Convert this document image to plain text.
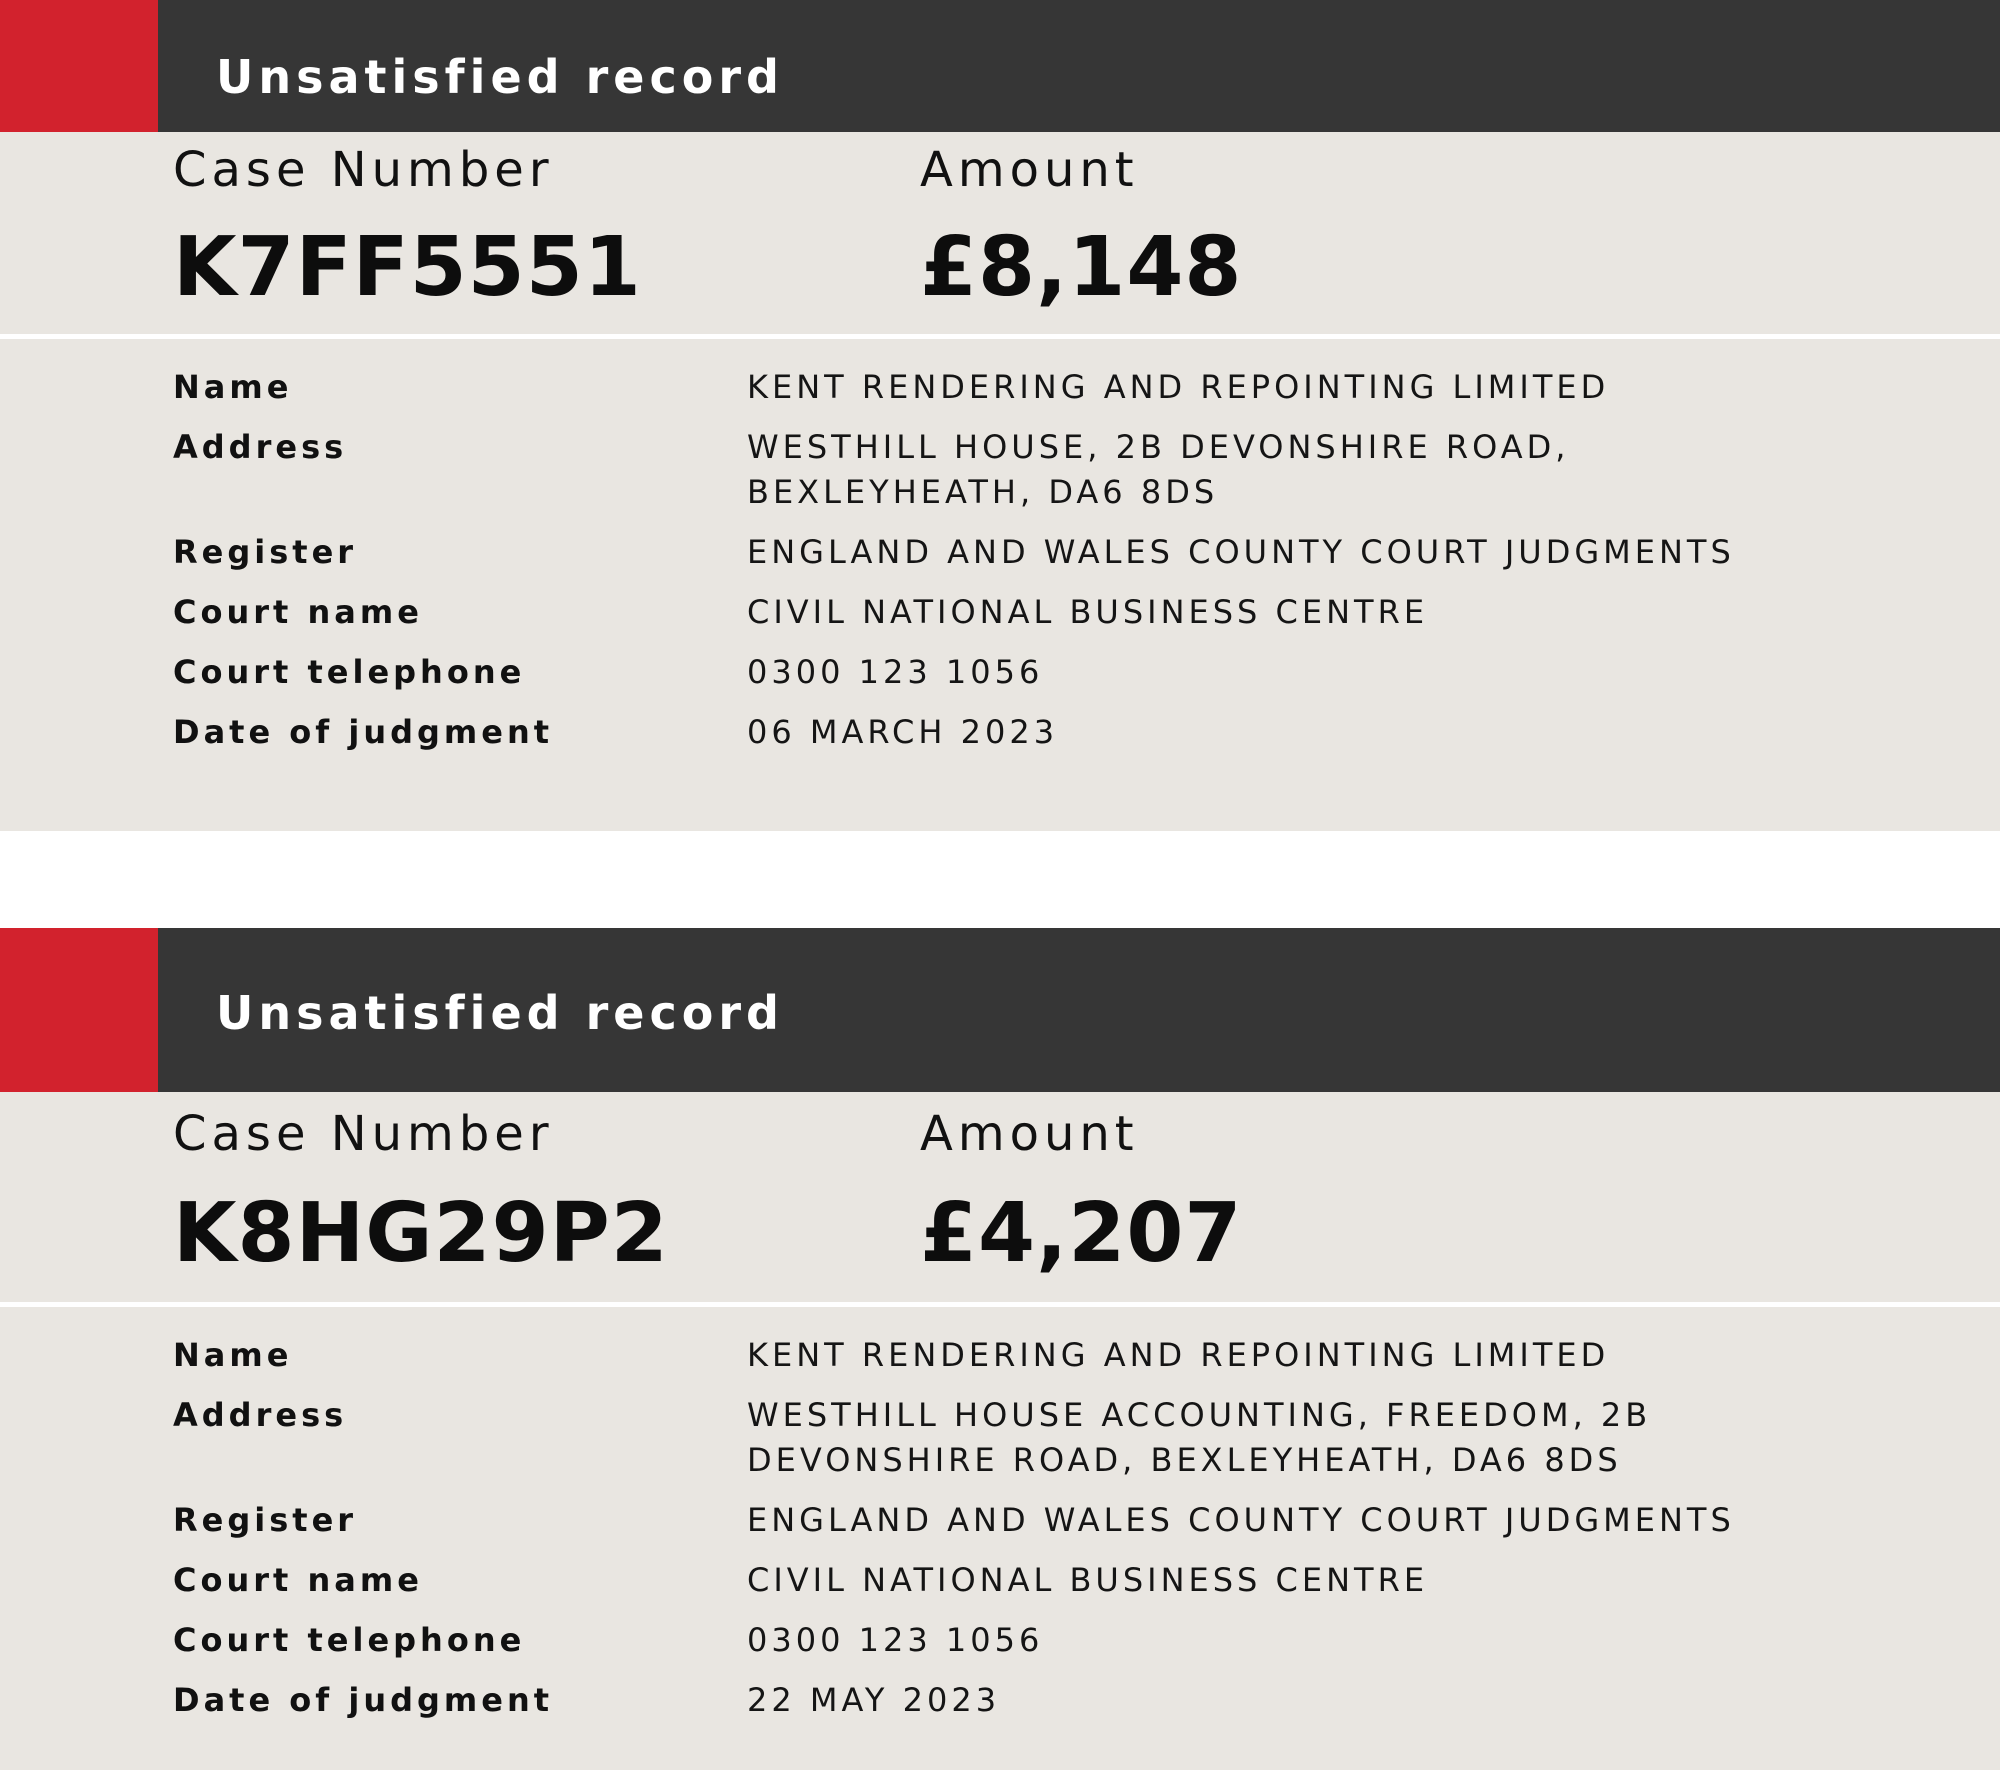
Unsatisfied record
Case Number
K7FF5551
Amount
£8,148
Name	KENT RENDERING AND REPOINTING LIMITED
Address	WESTHILL HOUSE, 2B DEVONSHIRE ROAD, BEXLEYHEATH, DA6 8DS
Register	ENGLAND AND WALES COUNTY COURT JUDGMENTS
Court name	CIVIL NATIONAL BUSINESS CENTRE
Court telephone	0300 123 1056
Date of judgment	06 MARCH 2023
Unsatisfied record
Case Number
K8HG29P2
Amount
£4,207
Name	KENT RENDERING AND REPOINTING LIMITED
Address	WESTHILL HOUSE ACCOUNTING, FREEDOM, 2B DEVONSHIRE ROAD, BEXLEYHEATH, DA6 8DS
Register	ENGLAND AND WALES COUNTY COURT JUDGMENTS
Court name	CIVIL NATIONAL BUSINESS CENTRE
Court telephone	0300 123 1056
Date of judgment	22 MAY 2023
